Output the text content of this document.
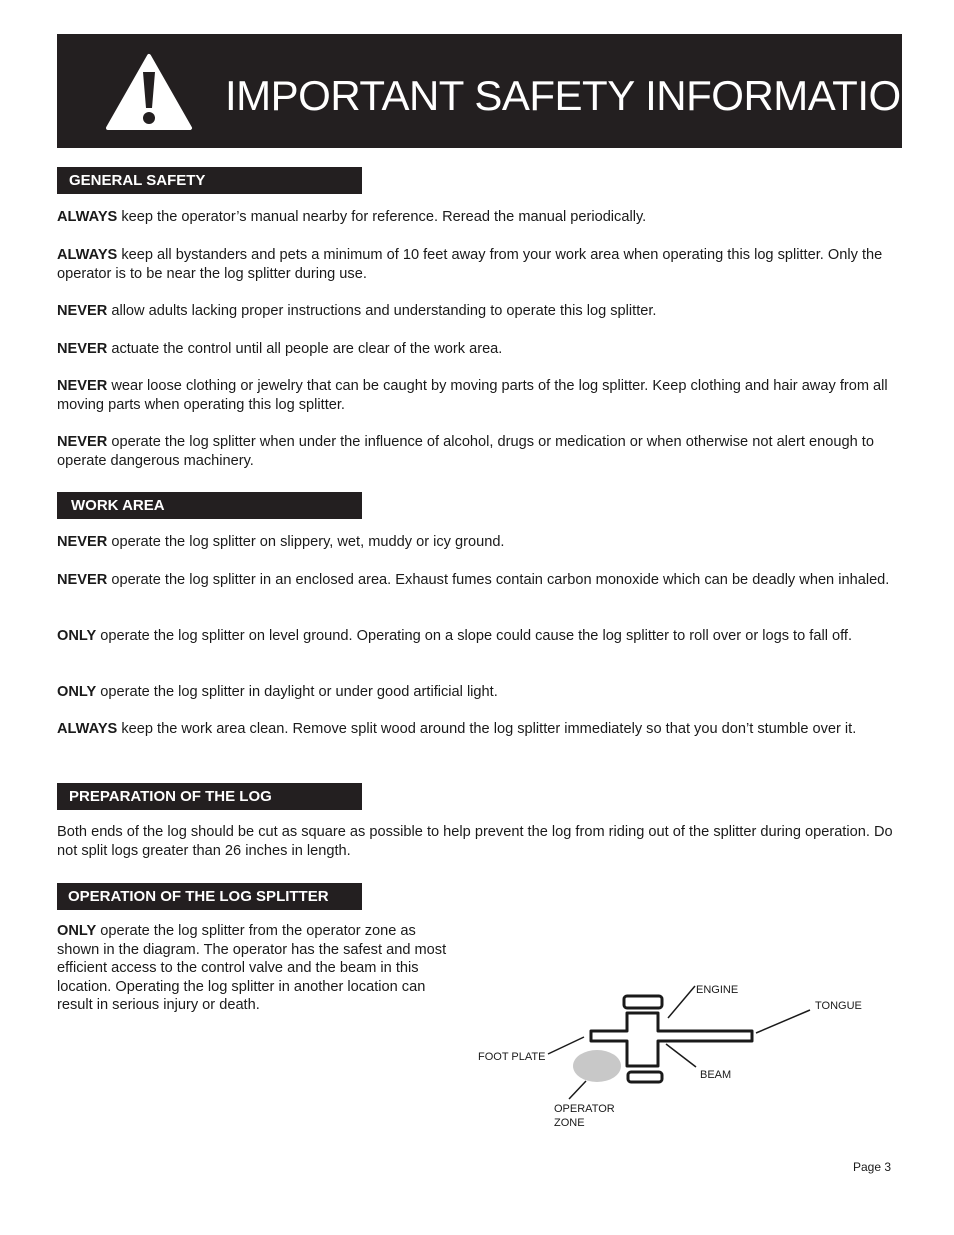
IMPORTANT SAFETY INFORMATION
GENERAL SAFETY

ALWAYS keep the operator’s manual nearby for reference. Reread the manual periodically.

ALWAYS keep all bystanders and pets a minimum of 10 feet away from your work area when operating this log splitter. Only the operator is to be near the log splitter during use.

NEVER allow adults lacking proper instructions and understanding to operate this log splitter.

NEVER actuate the control until all people are clear of the work area.

NEVER wear loose clothing or jewelry that can be caught by moving parts of the log splitter. Keep clothing and hair away from all moving parts when operating this log splitter.

NEVER operate the log splitter when under the influence of alcohol, drugs or medication or when otherwise not alert enough to operate dangerous machinery.

WORK AREA

NEVER operate the log splitter on slippery, wet, muddy or icy ground.

NEVER operate the log splitter in an enclosed area. Exhaust fumes contain carbon monoxide which can be deadly when inhaled.

ONLY operate the log splitter on level ground. Operating on a slope could cause the log splitter to roll over or logs to fall off.

ONLY operate the log splitter in daylight or under good artificial light.

ALWAYS keep the work area clean. Remove split wood around the log splitter immediately so that you don’t stumble over it.

PREPARATION OF THE LOG

Both ends of the log should be cut as square as possible to help prevent the log from riding out of the splitter during operation. Do not split logs greater than 26 inches in length.

OPERATION OF THE LOG SPLITTER

ONLY operate the log splitter from the operator zone as shown in the diagram. The operator has the safest and most efficient access to the control valve and the beam in this location. Operating the log splitter in another location can result in serious injury or death.

ENGINE
TONGUE
FOOT PLATE
BEAM
OPERATOR
ZONE
Page 3
